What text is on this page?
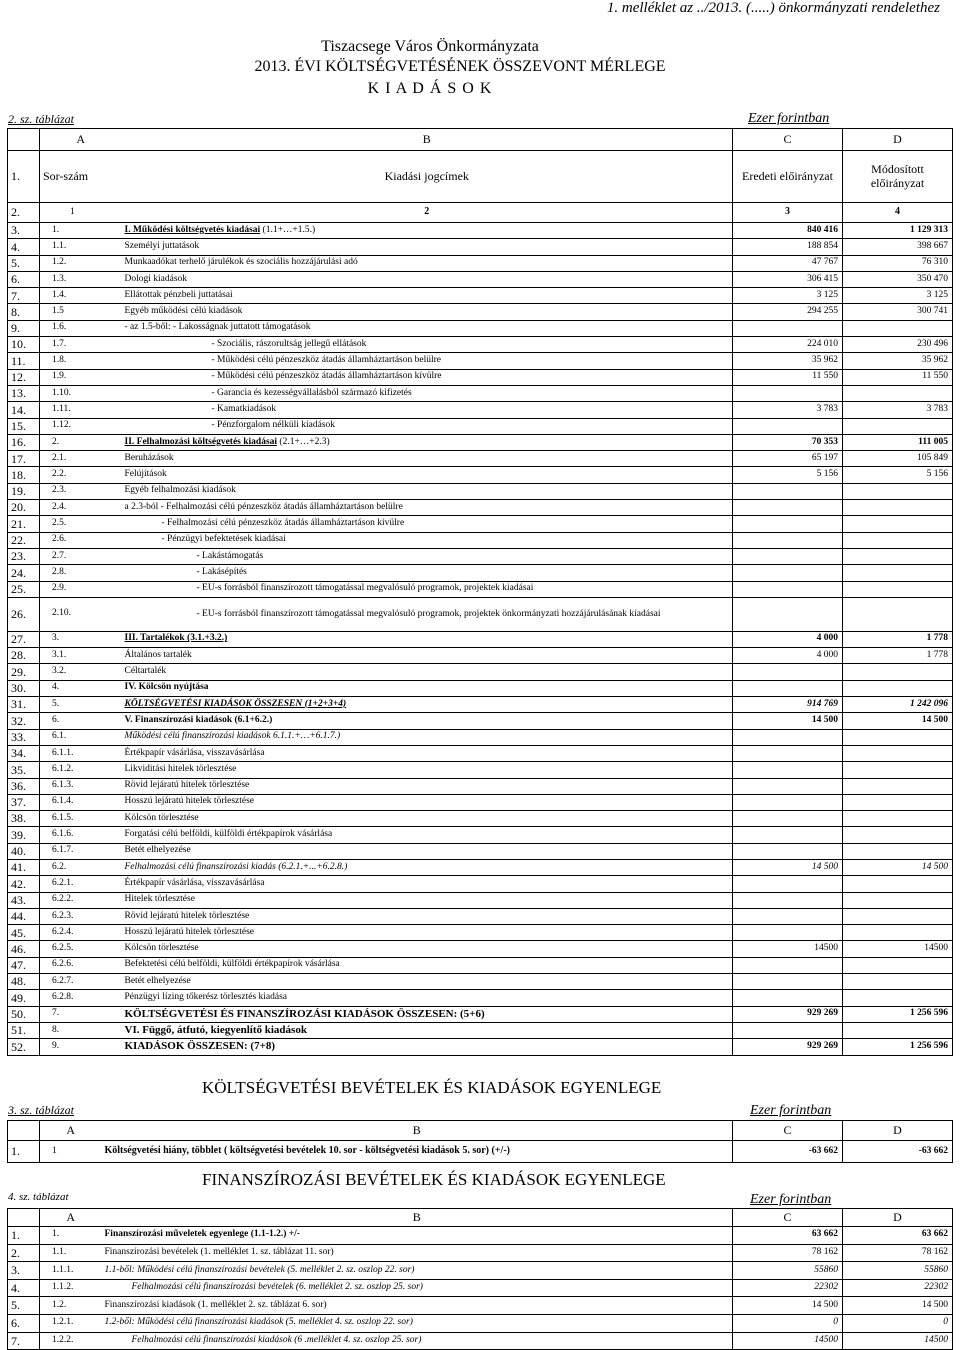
1. melléklet az ../2013. (.....) önkormányzati rendelethez
Tiszacsege Város Önkormányzata
2013. ÉVI KÖLTSÉGVETÉSÉNEK ÖSSZEVONT MÉRLEGE
K I A D Á S O K
2. sz. táblázat	Ezer forintban
	A	B	C	D
1.	Sor-szám	Kiadási jogcímek	Eredeti előirányzat	Módosított előirányzat
2.	1	2	3	4
3.	1.	I. Működési költségvetés kiadásai (1.1+…+1.5.)	840 416	1 129 313
4.	1.1.	Személyi juttatások	188 854	398 667
5.	1.2.	Munkaadókat terhelő járulékok és szociális hozzájárulási adó	47 767	76 310
6.	1.3.	Dologi kiadások	306 415	350 470
7.	1.4.	Ellátottak pénzbeli juttatásai	3 125	3 125
8.	1.5	Egyéb működési célú kiadások	294 255	300 741
9.	1.6.	- az 1.5-ből: - Lakosságnak juttatott támogatások		
10.	1.7.	- Szociális, rászorultság jellegű ellátások	224 010	230 496
11.	1.8.	- Működési célú pénzeszköz átadás államháztartáson belülre	35 962	35 962
12.	1.9.	- Működési célú pénzeszköz átadás államháztartáson kívülre	11 550	11 550
13.	1.10.	- Garancia és kezességvállalásból származó kifizetés		
14.	1.11.	- Kamatkiadások	3 783	3 783
15.	1.12.	- Pénzforgalom nélküli kiadások		
16.	2.	II. Felhalmozási költségvetés kiadásai (2.1+…+2.3)	70 353	111 005
17.	2.1.	Beruházások	65 197	105 849
18.	2.2.	Felújítások	5 156	5 156
19.	2.3.	Egyéb felhalmozási kiadások		
20.	2.4.	a 2.3-ból - Felhalmozási célú pénzeszköz átadás államháztartáson belülre		
21.	2.5.	- Felhalmozási célú pénzeszköz átadás államháztartáson kívülre		
22.	2.6.	- Pénzügyi befektetések kiadásai		
23.	2.7.	- Lakástámogatás		
24.	2.8.	- Lakásépítés		
25.	2.9.	- EU-s forrásból finanszírozott támogatással megvalósuló programok, projektek kiadásai		
26.	2.10.	- EU-s forrásból finanszírozott támogatással megvalósuló programok, projektek önkormányzati hozzájárulásának kiadásai		
27.	3.	III. Tartalékok (3.1.+3.2.)	4 000	1 778
28.	3.1.	Általános tartalék	4 000	1 778
29.	3.2.	Céltartalék		
30.	4.	IV. Kölcsön nyújtása		
31.	5.	KÖLTSÉGVETÉSI KIADÁSOK ÖSSZESEN (1+2+3+4)	914 769	1 242 096
32.	6.	V. Finanszírozási kiadások (6.1+6.2.)	14 500	14 500
33.	6.1.	Működési célú finanszírozási kiadások 6.1.1.+…+6.1.7.)		
34.	6.1.1.	Értékpapír vásárlása, visszavásárlása		
35.	6.1.2.	Likviditási hitelek törlesztése		
36.	6.1.3.	Rövid lejáratú hitelek törlesztése		
37.	6.1.4.	Hosszú lejáratú hitelek törlesztése		
38.	6.1.5.	Kölcsön törlesztése		
39.	6.1.6.	Forgatási célú belföldi, külföldi értékpapírok vásárlása		
40.	6.1.7.	Betét elhelyezése		
41.	6.2.	Felhalmozási célú finanszírozási kiadás (6.2.1.+...+6.2.8.)	14 500	14 500
42.	6.2.1.	Értékpapír vásárlása, visszavásárlása		
43.	6.2.2.	Hitelek törlesztése		
44.	6.2.3.	Rövid lejáratú hitelek törlesztése		
45.	6.2.4.	Hosszú lejáratú hitelek törlesztése		
46.	6.2.5.	Kölcsön törlesztése	14500	14500
47.	6.2.6.	Befektetési célú belföldi, külföldi értékpapírok vásárlása		
48.	6.2.7.	Betét elhelyezése		
49.	6.2.8.	Pénzügyi lízing tőkerész törlesztés kiadása		
50.	7.	KÖLTSÉGVETÉSI ÉS FINANSZÍROZÁSI KIADÁSOK ÖSSZESEN: (5+6)	929 269	1 256 596
51.	8.	VI. Függő, átfutó, kiegyenlítő kiadások		
52.	9.	KIADÁSOK ÖSSZESEN: (7+8)	929 269	1 256 596
KÖLTSÉGVETÉSI BEVÉTELEK ÉS KIADÁSOK EGYENLEGE
3. sz. táblázat	Ezer forintban
	A	B	C	D
1.	1	Költségvetési hiány, többlet ( költségvetési bevételek 10. sor - költségvetési kiadások 5. sor) (+/-)	-63 662	-63 662
FINANSZÍROZÁSI BEVÉTELEK ÉS KIADÁSOK EGYENLEGE
4. sz. táblázat	Ezer forintban
	A	B	C	D
1.	1.	Finanszírozási műveletek egyenlege (1.1-1.2.) +/-	63 662	63 662
2.	1.1.	Finanszírozási bevételek (1. melléklet 1. sz. táblázat 11. sor)	78 162	78 162
3.	1.1.1.	1.1-ből: Működési célú finanszírozási bevételek (5. melléklet 2. sz. oszlop 22. sor)	55860	55860
4.	1.1.2.	Felhalmozási célú finanszírozási bevételek (6. melléklet 2. sz. oszlop 25. sor)	22302	22302
5.	1.2.	Finanszírozási kiadások (1. melléklet 2. sz. táblázat 6. sor)	14 500	14 500
6.	1.2.1.	1.2-ből: Működési célú finanszírozási kiadások (5. melléklet 4. sz. oszlop 22. sor)	0	0
7.	1.2.2.	Felhalmozási célú finanszírozási kiadások (6 .melléklet 4. sz. oszlop 25. sor)	14500	14500
